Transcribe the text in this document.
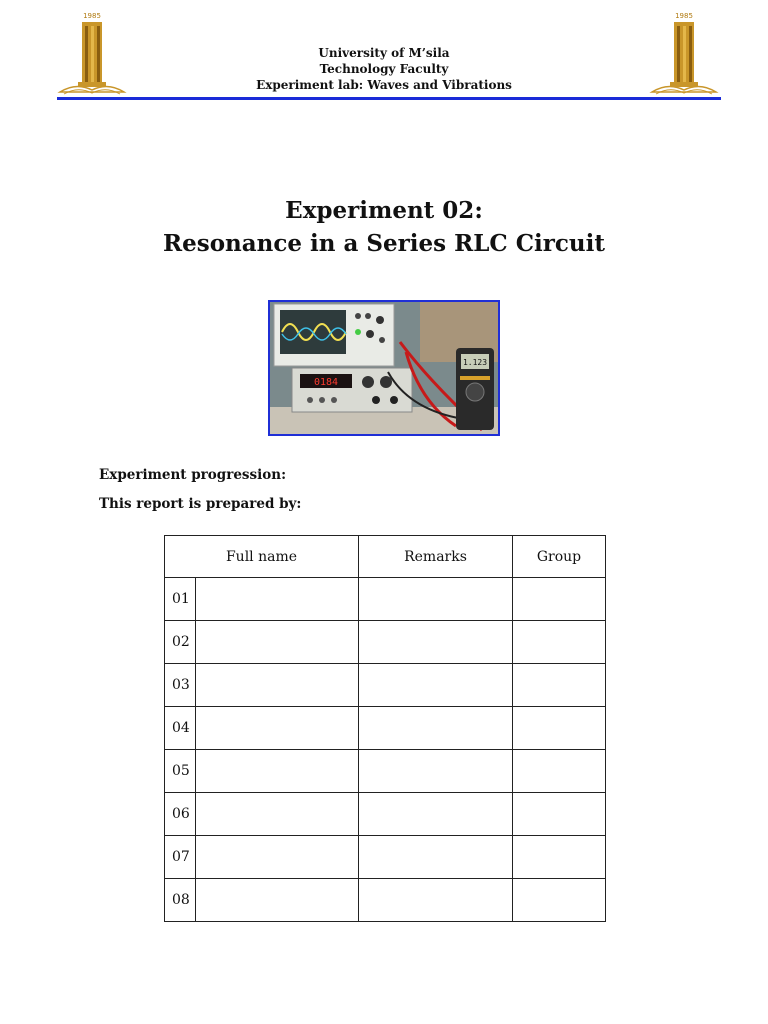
1985	1985
University of M’sila
Technology Faculty
Experiment lab: Waves and Vibrations
Experiment 02:
Resonance in a Series RLC Circuit
0184
1.123
Experiment progression:
This report is prepared by:
Full name		Remarks	Group
01			
02			
03			
04			
05			
06			
07			
08			
